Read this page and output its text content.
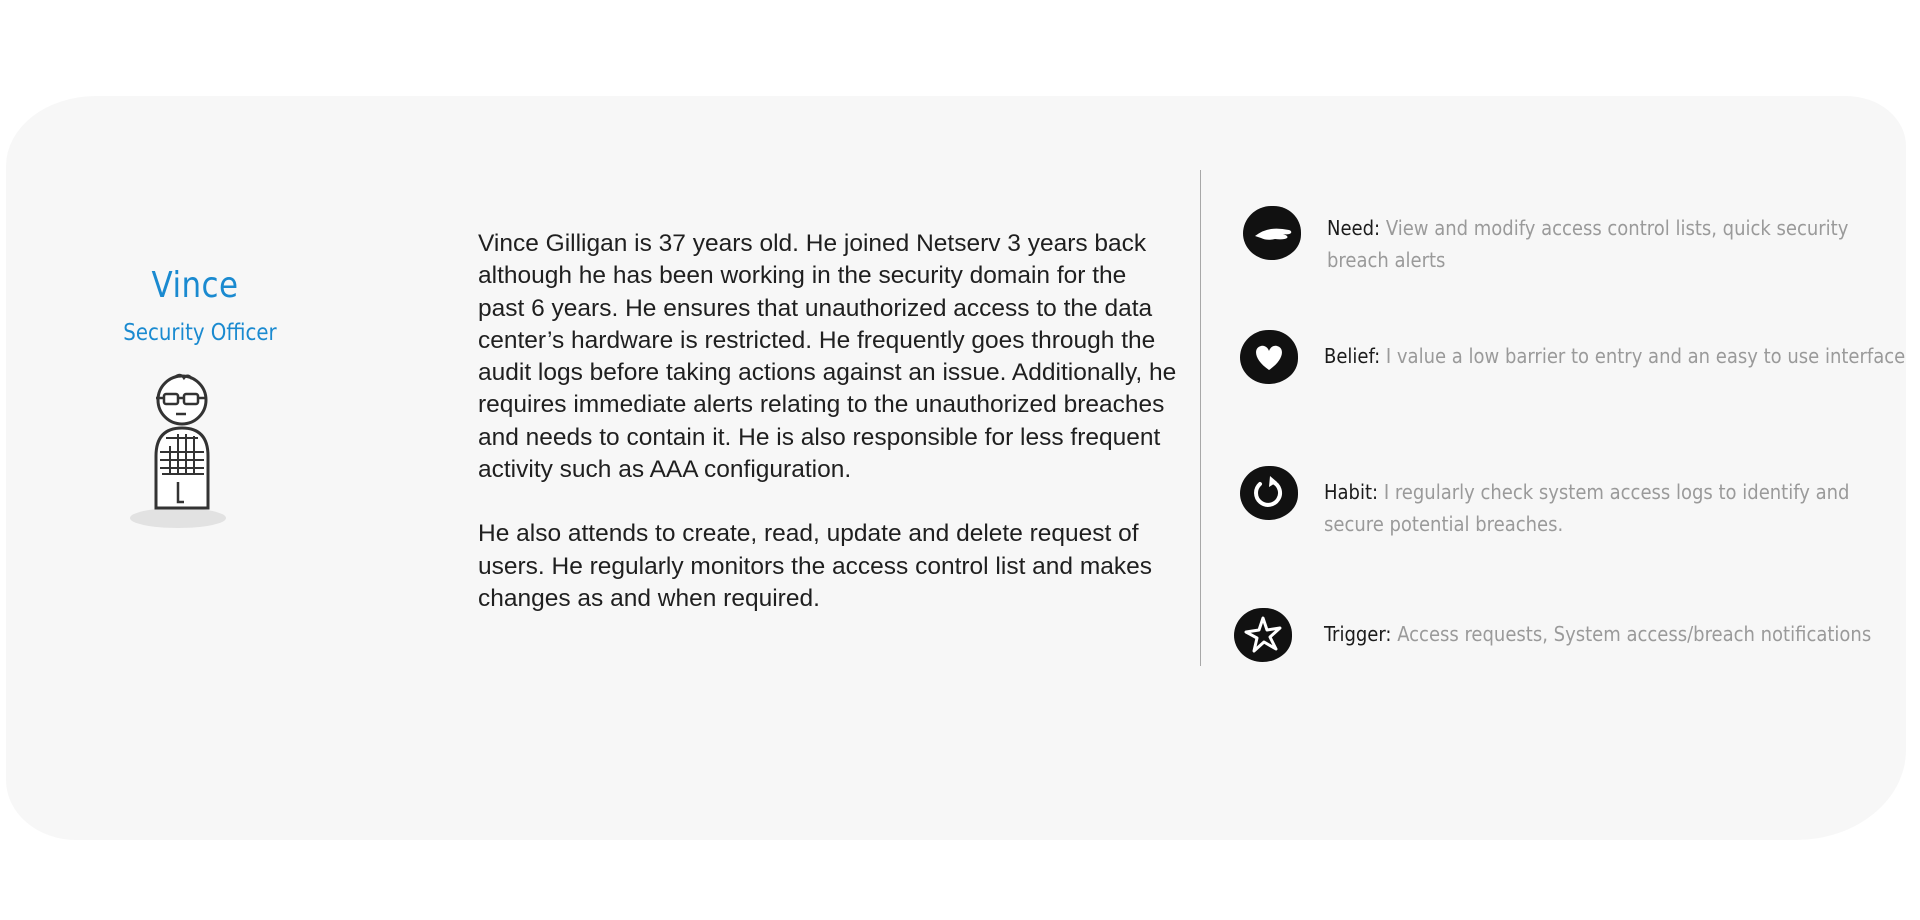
Vince
Security Officer

Vince Gilligan is 37 years old. He joined Netserv 3 years back although he has been working in the security domain for the past 6 years. He ensures that unauthorized access to the data center’s hardware is restricted. He frequently goes through the audit logs before taking actions against an issue. Additionally, he requires immediate alerts relating to the unauthorized breaches and needs to contain it. He is also responsible for less frequent activity such as AAA configuration.

He also attends to create, read, update and delete request of users. He regularly monitors the access control list and makes changes as and when required.

Need: View and modify access control lists, quick security breach alerts
Belief: I value a low barrier to entry and an easy to use interface
Habit: I regularly check system access logs to identify and secure potential breaches.
Trigger: Access requests, System access/breach notifications
